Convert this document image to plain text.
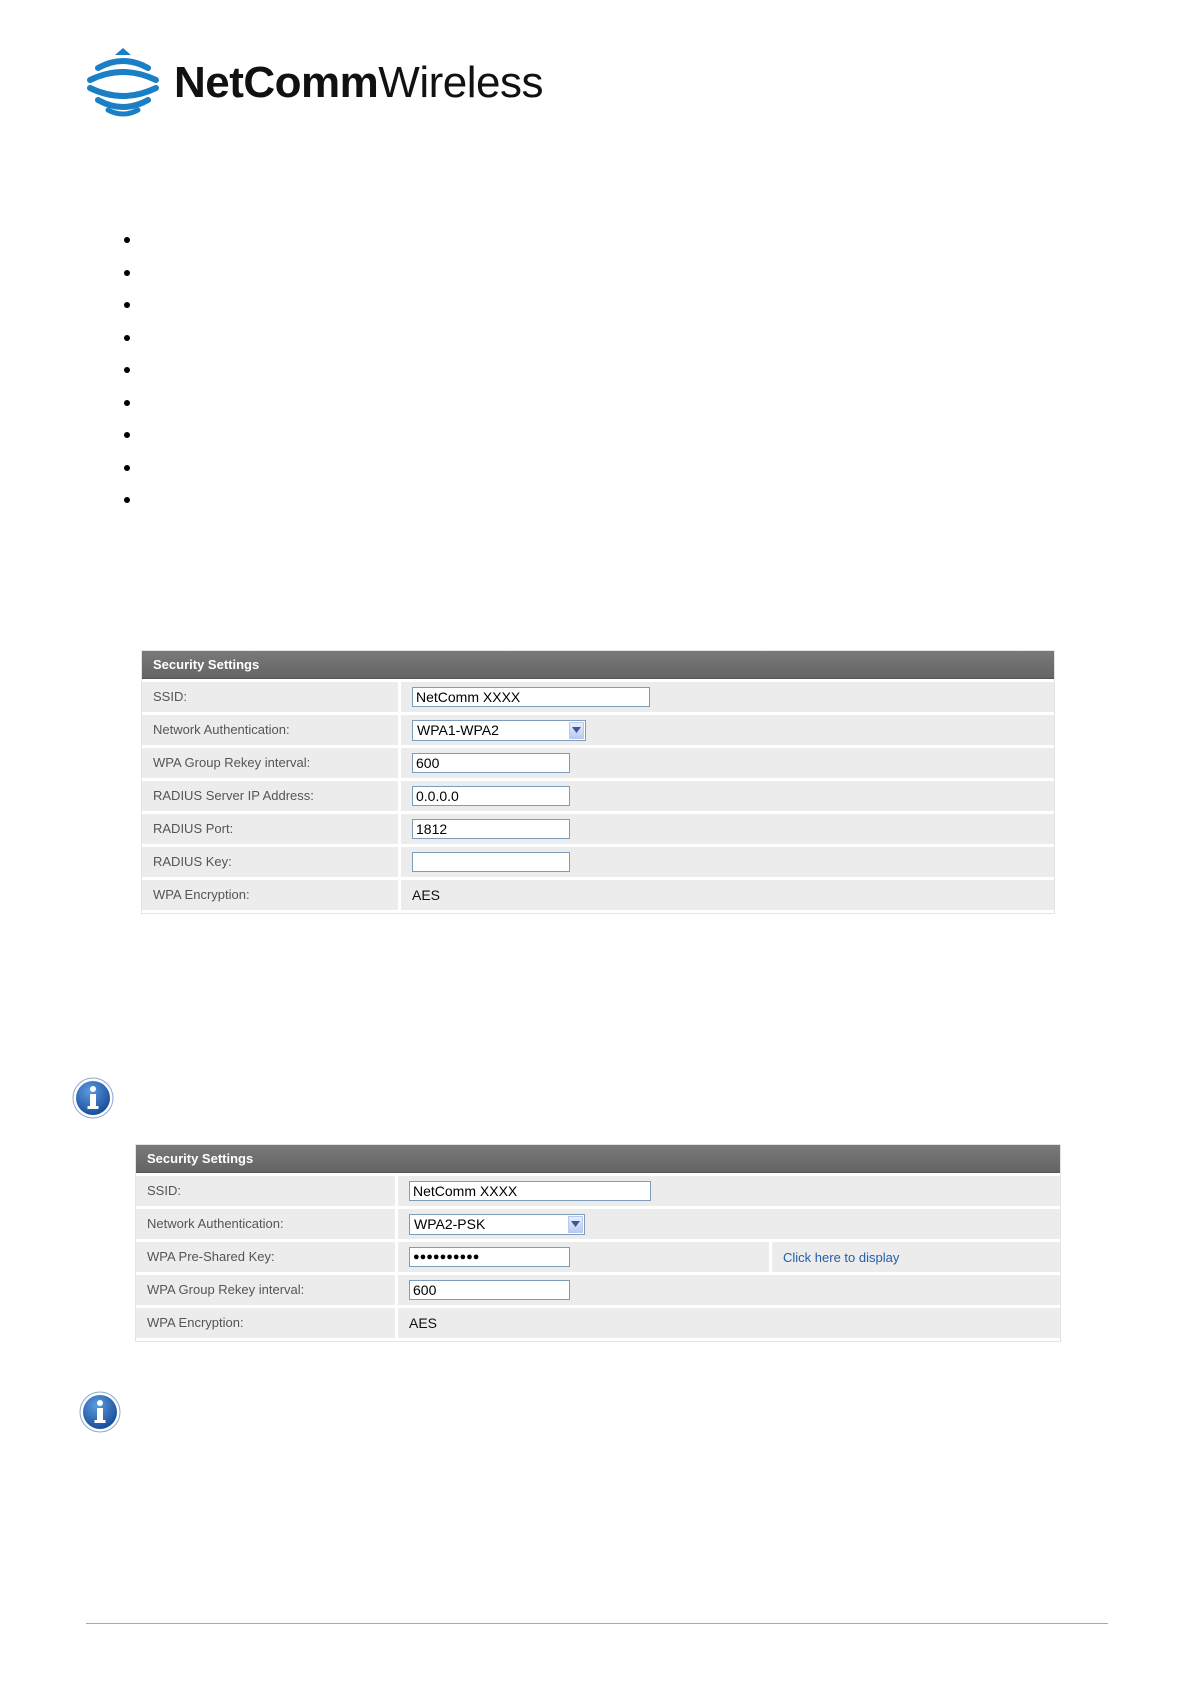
NetCommWireless
Security Settings
SSID:
NetComm XXXX
Network Authentication:	WPA1-WPA2
WPA Group Rekey interval:
600
RADIUS Server IP Address:
0.0.0.0
RADIUS Port:
1812
RADIUS Key:
WPA Encryption:	AES
Security Settings
SSID:
NetComm XXXX
Network Authentication:	WPA2-PSK
WPA Pre-Shared Key:	●●●●●●●●●●	Click here to display
WPA Group Rekey interval:
600
WPA Encryption:	AES
